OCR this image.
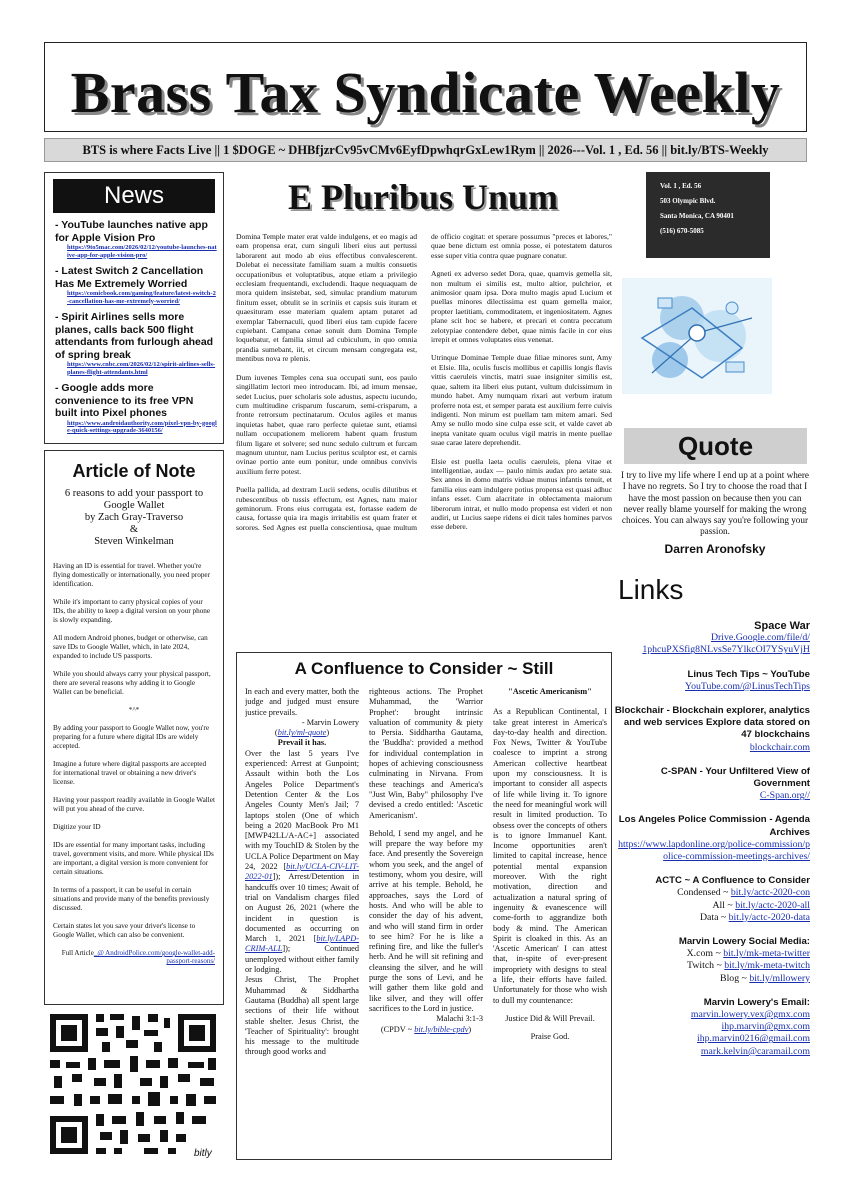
Brass Tax Syndicate Weekly
BTS is where Facts Live || 1 $DOGE ~ DHBfjzrCv95vCMv6EyfDpwhqrGxLew1Rym || 2026---Vol. 1 , Ed. 56 || bit.ly/BTS-Weekly
News
- YouTube launches native app for Apple Vision Pro
https://9to5mac.com/2026/02/12/youtube-launches-native-app-for-apple-vision-pro/
- Latest Switch 2 Cancellation Has Me Extremely Worried
https://comicbook.com/gaming/feature/latest-switch-2-cancellation-has-me-extremely-worried/
- Spirit Airlines sells more planes, calls back 500 flight attendants from furlough ahead of spring break
https://www.cnbc.com/2026/02/12/spirit-airlines-sells-planes-flight-attendants.html
- Google adds more convenience to its free VPN built into Pixel phones
https://www.androidauthority.com/pixel-vpn-by-google-quick-settings-upgrade-3640156/
Article of Note
6 reasons to add your passport to Google Wallet
by Zach Gray-Traverso
&
Steven Winkelman

Having an ID is essential for travel. Whether you're flying domestically or internationally, you need proper identification.

While it's important to carry physical copies of your IDs, the ability to keep a digital version on your phone is slowly expanding.

All modern Android phones, budget or otherwise, can save IDs to Google Wallet, which, in late 2024, expanded to include US passports.

While you should always carry your physical passport, there are several reasons why adding it to Google Wallet can be beneficial.

*^*

By adding your passport to Google Wallet now, you're preparing for a future where digital IDs are widely accepted.

Imagine a future where digital passports are accepted for international travel or obtaining a new driver's license.

Having your passport readily available in Google Wallet will put you ahead of the curve.

Digitize your ID

IDs are essential for many important tasks, including travel, government visits, and more. While physical IDs are important, a digital version is more convenient for certain situations.

In terms of a passport, it can be useful in certain situations and provide many of the benefits previously discussed.

Certain states let you save your driver's license to Google Wallet, which can also be convenient.

Full Article_@ AndroidPolice.com/google-wallet-add-passport-reasons/
bitly
E Pluribus Unum

Domina Temple mater erat valde indulgens, et eo magis ad eam propensa erat, cum singuli liberi eius aut pertussi laborarent aut modo ab eius effectibus convalescerent. Dolebat ei necessitate familiam suam a multis consuetis occupationibus et voluptatibus, atque etiam a privilegio ecclesiam frequentandi, excludendi. Itaque nequaquam de mora quidem insistebat, sed, simulac prandium maturum finitum esset, obtulit se in scriniis et capsis suis ituram et quaesituram esse materiam qualem aptam putaret ad exemplar Tabernaculi, quod liberi eius tam cupide facere cupiebant. Campana cenae sonuit dum Domina Temple loquebatur, et familia simul ad cubiculum, in quo omnia prandia sumebant, iit, et circum mensam congregata est, mentibus nova re plenis.

Dum iuvenes Temples cena sua occupati sunt, eos paulo singillatim lectori meo introducam. Ibi, ad imum mensae, sedet Lucius, puer scholaris sole adustus, aspectu iucundo, cum multitudine crisparum fuscarum, semi-crisparum, a fronte retrorsum pectinatarum. Oculos agiles et manus inquietas habet, quae raro perfecte quietae sunt, etiamsi nullam occupationem meliorem habent quam frustum filum ligare et solvere; sed nunc sedulo cultrum et furcam magnum utuntur, nam Lucius peritus sculptor est, et carnis ovinae portio ante eum ponitur, unde omnibus convivis auxilium ferre potest.

Puella pallida, ad dextram Lucii sedens, oculis dilutibus et rubescentibus ob tussis effectum, est Agnes, natu maior geminorum. Frons eius corrugata est, fortasse eadem de causa, fortasse quia ira magis irritabilis est quam frater et sorores. Sed Agnes est puella conscientiosa, quae multum de officio cogitat: et sperare possumus "preces et labores," quae bene dictum est omnia posse, ei potestatem daturos esse super vitia contra quae pugnare conatur.

Agneti ex adverso sedet Dora, quae, quamvis gemella sit, non multum ei similis est, multo altior, pulchrior, et animosior quam ipsa. Dora multo magis apud Lucium et puellas minores dilectissima est quam gemella maior, propter laetitiam, commoditatem, et ingeniositatem. Agnes plane scit hoc se habere, et precari et contra peccatum zelotypiae contendere debet, quae nimis facile in cor eius irrepit et omnes voluptates eius venenat.

Utrinque Dominae Temple duae filiae minores sunt, Amy et Elsie. Illa, oculis fuscis mollibus et capillis longis flavis vittis caeruleis vinctis, matri suae insigniter similis est, quae, saltem ita liberi eius putant, vultum dulcissimum in mundo habet. Amy numquam rixari aut verbum iratum proferre nota est, et semper parata est auxilium ferre cuivis indigenti. Non mirum est puellam tam mitem amari. Sed Amy se nullo modo sine culpa esse scit, et valde cavet ab inepta vanitate quam oculus vigil matris in mente puellae suae carae latere deprehendit.

Elsie est puella laeta oculis caeruleis, plena vitae et intelligentiae, audax — paulo nimis audax pro aetate sua. Sex annos in domo matris viduae munus infantis tenuit, et familia eius eam indulgere potius propensa est quasi adhuc infans esset. Cum alacritate in oblectamenta maiorum liberorum intrat, et nullo modo propensa est videri et non audiri, ut Lucius saepe ridens ei dicit tales homines parvos esse debere.

A Confluence to Consider ~ Still
In each and every matter, both the judge and judged must ensure justice prevails.
- Marvin Lowery
(bit.ly/ml-quote)
Prevail it has.
Over the last 5 years I've experienced: Arrest at Gunpoint; Assault within both the Los Angeles Police Department's Detention Center & the Los Angeles County Men's Jail; 7 laptops stolen (One of which being a 2020 MacBook Pro M1 [MWP42LL/A-AC+] associated with my TouchID & Stolen by the UCLA Police Department on May 24, 2022 [bit.ly/UCLA-CIV-LIT-2022-01]); Arrest/Detention in handcuffs over 10 times; Await of trial on Vandalism charges filed on August 26, 2021 (where the incident in question is documented as occurring on March 1, 2021 [bit.ly/LAPD-CRIM-ALL]); Continued unemployed without either family or lodging.
Jesus Christ, The Prophet Muhammad & Siddhartha Gautama (Buddha) all spent large sections of their life without stable shelter. Jesus Christ, the 'Teacher of Spirituality': brought his message to the multitude through good works and

righteous actions. The Prophet Muhammad, the 'Warrior Prophet': brought intrinsic valuation of community & piety to Persia. Siddhartha Gautama, the 'Buddha': provided a method for individual contemplation in hopes of achieving consciousness culminating in Nirvana. From these teachings and America's "Just Win, Baby" philosophy I've devised a credo entitled: 'Ascetic Americanism'.

Behold, I send my angel, and he will prepare the way before my face. And presently the Sovereign whom you seek, and the angel of testimony, whom you desire, will arrive at his temple. Behold, he approaches, says the Lord of hosts. And who will be able to consider the day of his advent, and who will stand firm in order to see him? For he is like a refining fire, and like the fuller's herb. And he will sit refining and cleansing the silver, and he will purge the sons of Levi, and he will gather them like gold and like silver, and they will offer sacrifices to the Lord in justice.

Malachi 3:1-3
(CPDV ~ bit.ly/bible-cpdv)
"Ascetic Americanism"

As a Republican Continental, I take great interest in America's day-to-day health and direction. Fox News, Twitter & YouTube coalesce to imprint a strong American collective heartbeat upon my consciousness. It is important to consider all aspects of life while living it. To ignore the need for meaningful work will result in limited production. To obsess over the concepts of others is to ignore Immanuel Kant. Income opportunities aren't limited to capital increase, hence potential mental expansion moreover. With the right motivation, direction and actualization a natural spring of ingenuity & evanescence will come-forth to aggrandize both body & mind. The American Spirit is cloaked in this. As an 'Ascetic American' I can attest that, in-spite of ever-present impropriety with designs to steal a life, their efforts have failed. Unfortunately for those who wish to dull my countenance:

Justice Did & Will Prevail.

Praise God.

Vol. 1 , Ed. 56
503 Olympic Blvd.
Santa Monica, CA 90401
(516) 670-5085
Quote
I try to live my life where I end up at a point where I have no regrets. So I try to choose the road that I have the most passion on because then you can never really blame yourself for making the wrong choices. You can always say you're following your passion.
Darren Aronofsky
Links
Space War
Drive.Google.com/file/d/
1phcuPXSfig8NLvsSe7YlkcOI7YSyuVjH
Linus Tech Tips ~ YouTube
YouTube.com/@LinusTechTips
Blockchair - Blockchain explorer, analytics and web services Explore data stored on 47 blockchains
blockchair.com
C-SPAN - Your Unfiltered View of Government
C-Span.org//
Los Angeles Police Commission - Agenda Archives
https://www.lapdonline.org/police-commission/police-commission-meetings-archives/
ACTC ~ A Confluence to Consider
Condensed ~ bit.ly/actc-2020-con
All ~ bit.ly/actc-2020-all
Data ~ bit.ly/actc-2020-data
Marvin Lowery Social Media:
X.com ~ bit.ly/mk-meta-twitter
Twitch ~ bit.ly/mk-meta-twitch
Blog ~ bit.ly/mllowery
Marvin Lowery's Email:
marvin.lowery.vex@gmx.com
ihp.marvin@gmx.com
ihp.marvin0216@gmail.com
mark.kelvin@caramail.com
